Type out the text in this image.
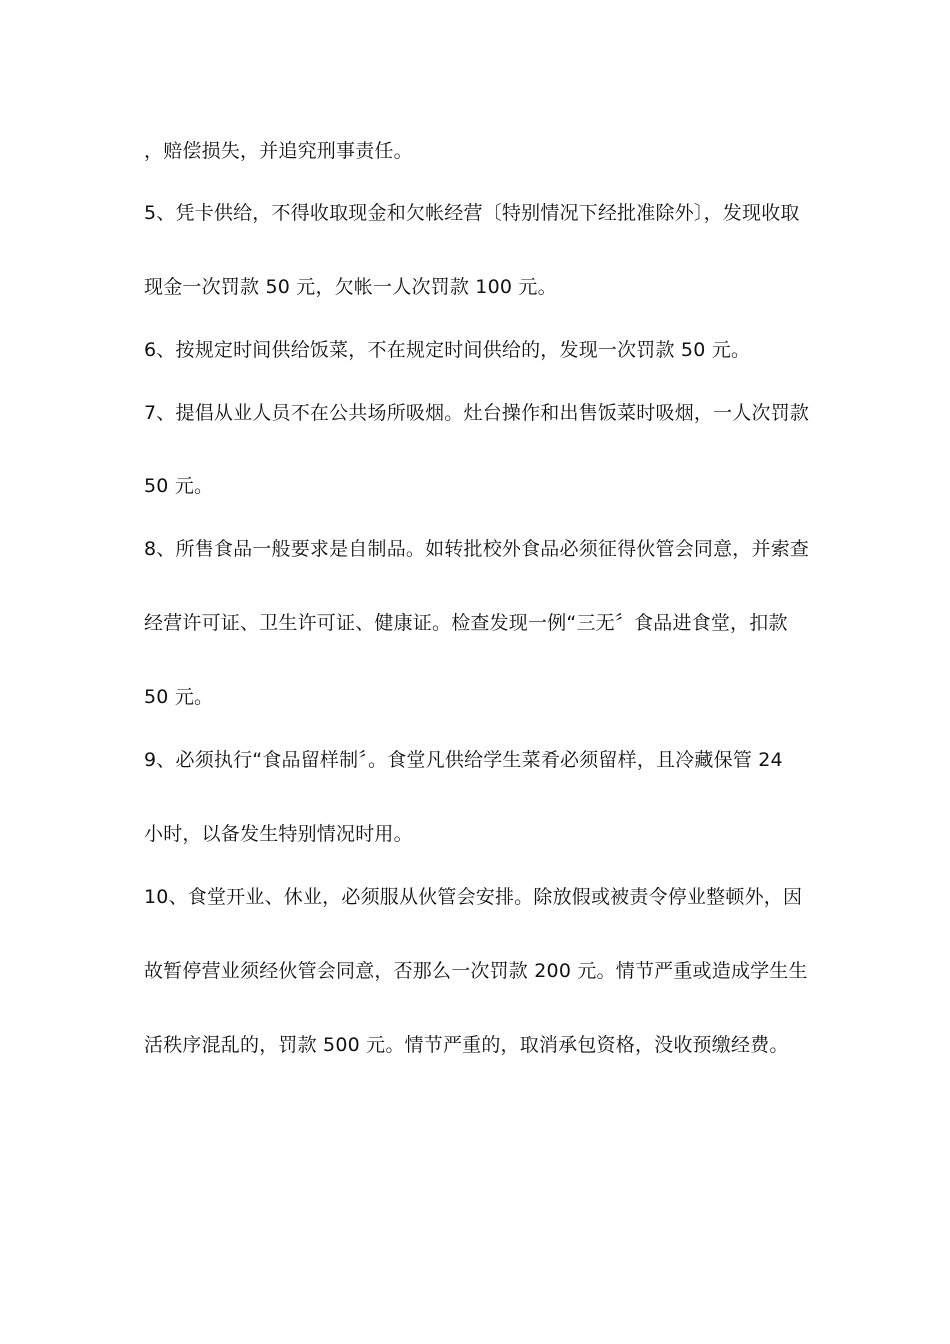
，赔偿损失，并追究刑事责任。
5、凭卡供给，不得收取现金和欠帐经营〔特别情况下经批准除外〕，发现收取
现金一次罚款 50 元，欠帐一人次罚款 100 元。
6、按规定时间供给饭菜，不在规定时间供给的，发现一次罚款 50 元。
7、提倡从业人员不在公共场所吸烟。灶台操作和出售饭菜时吸烟，一人次罚款
50 元。
8、所售食品一般要求是自制品。如转批校外食品必须征得伙管会同意，并索查
经营许可证、卫生许可证、健康证。检查发现一例“三无〞食品进食堂，扣款
50 元。
9、必须执行“食品留样制〞。食堂凡供给学生菜肴必须留样，且冷藏保管 24
小时，以备发生特别情况时用。
10、食堂开业、休业，必须服从伙管会安排。除放假或被责令停业整顿外，因
故暂停营业须经伙管会同意，否那么一次罚款 200 元。情节严重或造成学生生
活秩序混乱的，罚款 500 元。情节严重的，取消承包资格，没收预缴经费。
